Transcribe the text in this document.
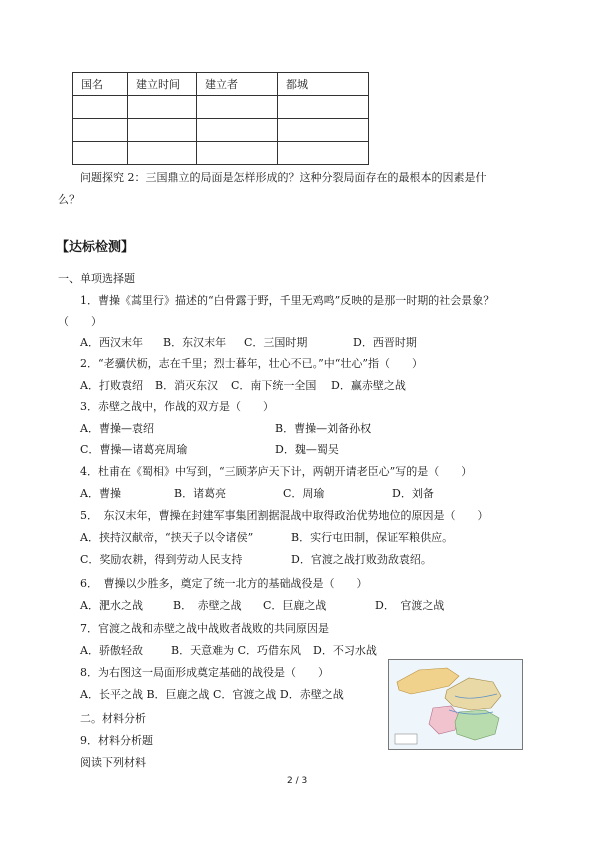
国名	建立时间	建立者	都城

问题探究 2：三国鼎立的局面是怎样形成的？这种分裂局面存在的最根本的因素是什
么？
【达标检测】
一、单项选择题
1．曹操《蒿里行》描述的“白骨露于野，千里无鸡鸣”反映的是那一时期的社会景象？
（　　）
A．西汉末年 B．东汉末年 C．三国时期	D．西晋时期
2．“老骥伏枥，志在千里；烈士暮年，壮心不已。”中“壮心”指（　　）
A．打败袁绍 B．消灭东汉 C．南下统一全国 D．赢赤壁之战
3．赤壁之战中，作战的双方是（　　）
A．曹操—袁绍	B．曹操—刘备孙权
C．曹操—诸葛亮周瑜	D．魏—蜀吴
4．杜甫在《蜀相》中写到，“三顾茅庐天下计，两朝开请老臣心”写的是（　　）
A．曹操	B．诸葛亮	C．周瑜	D．刘备
5．　东汉末年，曹操在封建军事集团割据混战中取得政治优势地位的原因是（　　）
A．挟持汉献帝，“挟天子以令诸侯”	B．实行屯田制，保证军粮供应。
C．奖励农耕，得到劳动人民支持	D．官渡之战打败劲敌袁绍。
6．　曹操以少胜多，奠定了统一北方的基础战役是（　　）
A．淝水之战	B．　赤壁之战 C．巨鹿之战	D．　官渡之战
7．官渡之战和赤壁之战中战败者战败的共同原因是
A．骄傲轻敌	B．天意难为 C．巧借东风 D．不习水战
8．为右图这一局面形成奠定基础的战役是（　　）
A．长平之战 B．巨鹿之战 C．官渡之战 D．赤壁之战
二。材料分析
9．材料分析题
阅读下列材料
2 / 3
